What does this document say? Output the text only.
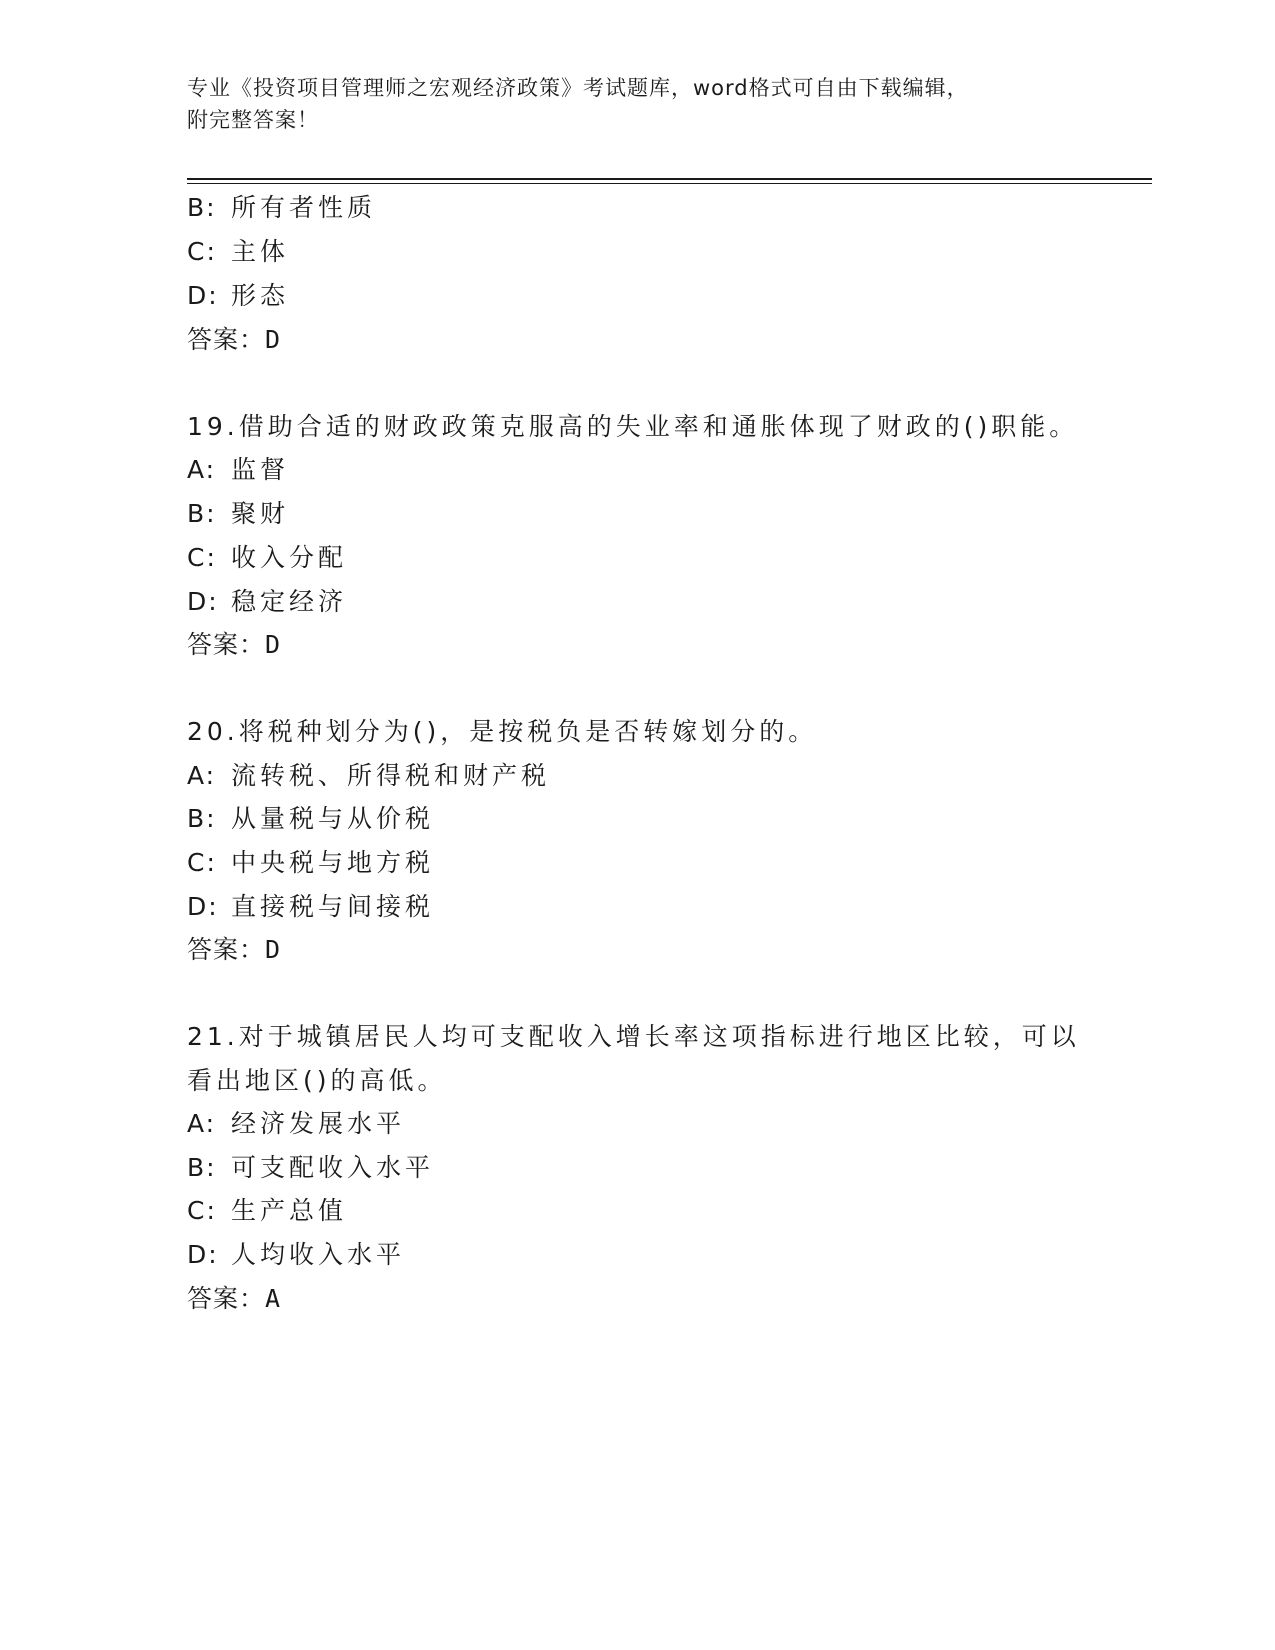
专业《投资项目管理师之宏观经济政策》考试题库，word格式可自由下载编辑，
附完整答案！
B: 所有者性质
C: 主体
D: 形态
答案：D
19.借助合适的财政政策克服高的失业率和通胀体现了财政的()职能。
A: 监督
B: 聚财
C: 收入分配
D: 稳定经济
答案：D
20.将税种划分为()，是按税负是否转嫁划分的。
A: 流转税、所得税和财产税
B: 从量税与从价税
C: 中央税与地方税
D: 直接税与间接税
答案：D
21.对于城镇居民人均可支配收入增长率这项指标进行地区比较，可以
看出地区()的高低。
A: 经济发展水平
B: 可支配收入水平
C: 生产总值
D: 人均收入水平
答案：A
